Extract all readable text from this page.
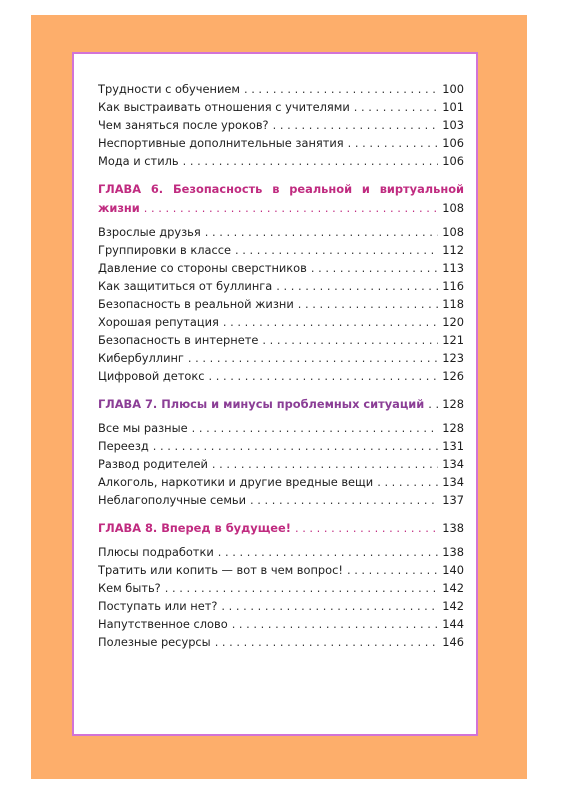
Трудности с обучением . . .	100
Как выстраивать отношения с учителями . . .	101
Чем заняться после уроков? . . .	103
Неспортивные дополнительные занятия . . .	106
Мода и стиль . . .	106
ГЛАВА 6. Безопасность в реальной и виртуальной
жизни . . .	108
Взрослые друзья . . .	108
Группировки в классе . . .	112
Давление со стороны сверстников . . .	113
Как защититься от буллинга . . .	116
Безопасность в реальной жизни . . .	118
Хорошая репутация . . .	120
Безопасность в интернете . . .	121
Кибербуллинг . . .	123
Цифровой детокс . . .	126
ГЛАВА 7. Плюсы и минусы проблемных ситуаций . . . 128
Все мы разные . . .	128
Переезд . . .	131
Развод родителей . . .	134
Алкоголь, наркотики и другие вредные вещи . . .	134
Неблагополучные семьи . . .	137
ГЛАВА 8. Вперед в будущее! . . .	138
Плюсы подработки . . .	138
Тратить или копить — вот в чем вопрос! . . .	140
Кем быть? . . .	142
Поступать или нет? . . .	142
Напутственное слово . . .	144
Полезные ресурсы . . .	146
